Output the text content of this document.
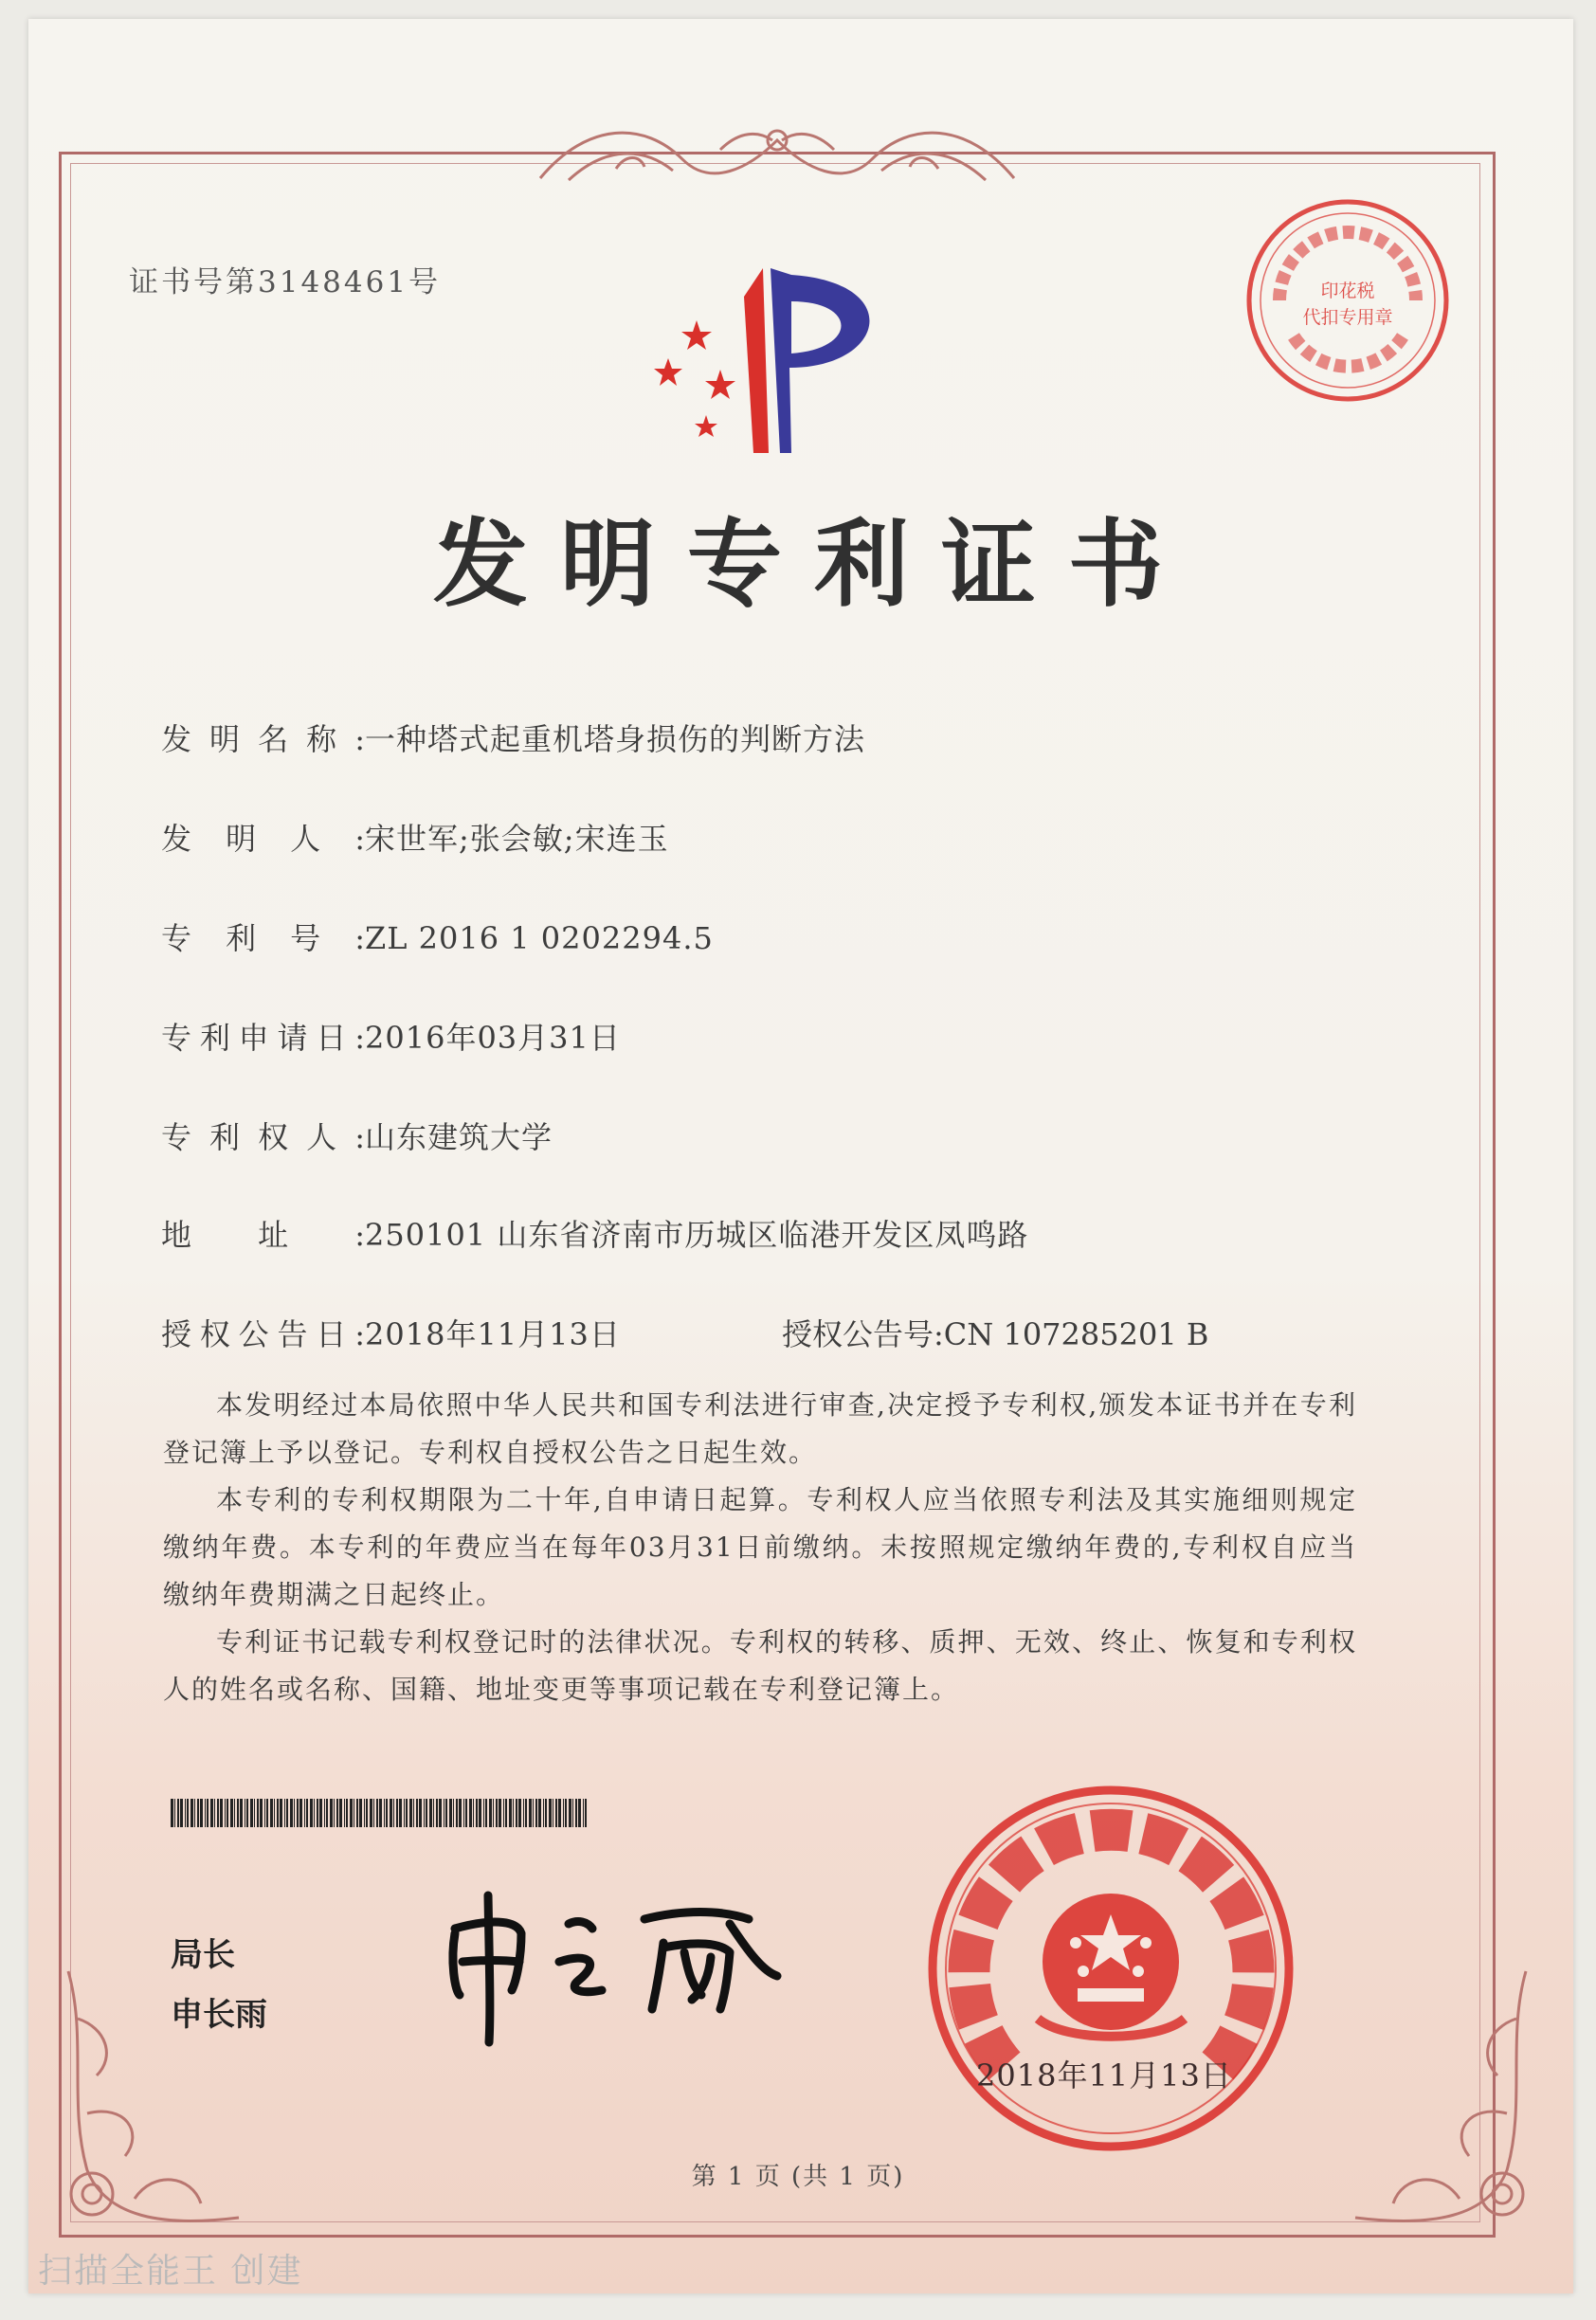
证书号第3148461号
发明专利证书
发明名称:一种塔式起重机塔身损伤的判断方法
发明人:宋世军;张会敏;宋连玉
专利号:ZL 2016 1 0202294.5
专利申请日:2016年03月31日
专利权人:山东建筑大学
地址:250101 山东省济南市历城区临港开发区凤鸣路
授权公告日:2018年11月13日	授权公告号:CN 107285201 B

本发明经过本局依照中华人民共和国专利法进行审查,决定授予专利权,颁发本证书并在专利登记簿上予以登记。专利权自授权公告之日起生效。

本专利的专利权期限为二十年,自申请日起算。专利权人应当依照专利法及其实施细则规定缴纳年费。本专利的年费应当在每年03月31日前缴纳。未按照规定缴纳年费的,专利权自应当缴纳年费期满之日起终止。

专利证书记载专利权登记时的法律状况。专利权的转移、质押、无效、终止、恢复和专利权人的姓名或名称、国籍、地址变更等事项记载在专利登记簿上。

局长
申长雨
印花税
代扣专用章
2018年11月13日
第 1 页 (共 1 页)
扫描全能王 创建
